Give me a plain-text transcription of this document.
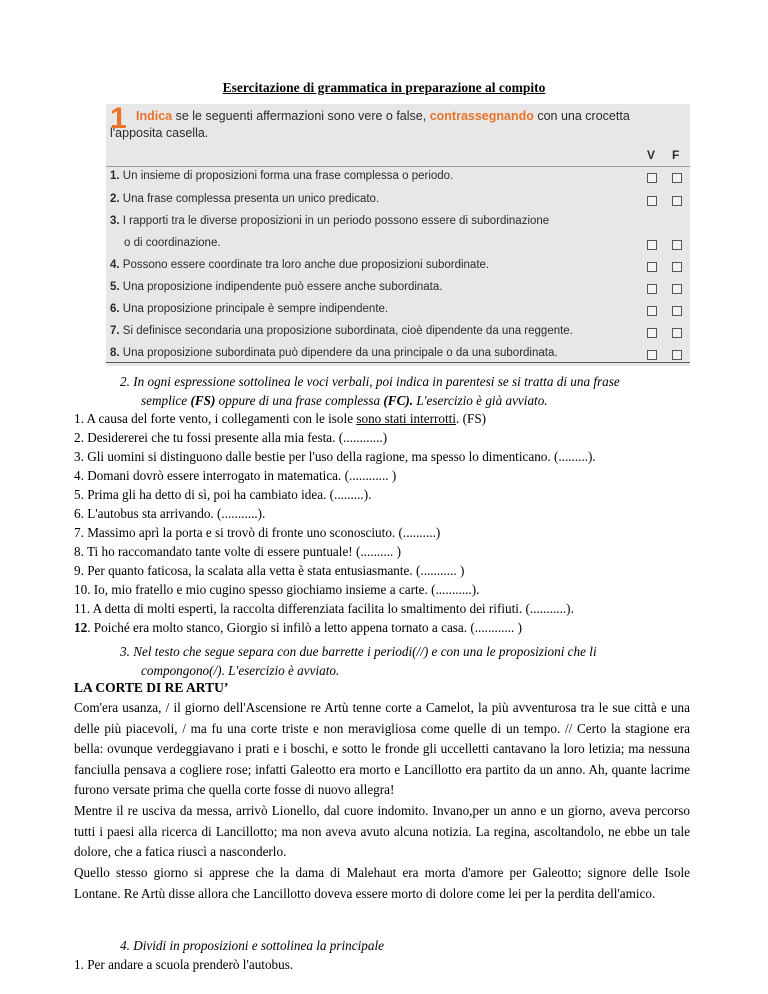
Esercitazione di grammatica in preparazione al compito
1 Indica se le seguenti affermazioni sono vere o false, contrassegnando con una crocetta
l'apposita casella.
V F
1. Un insieme di proposizioni forma una frase complessa o periodo.
2. Una frase complessa presenta un unico predicato.
3. I rapporti tra le diverse proposizioni in un periodo possono essere di subordinazione
o di coordinazione.
4. Possono essere coordinate tra loro anche due proposizioni subordinate.
5. Una proposizione indipendente può essere anche subordinata.
6. Una proposizione principale è sempre indipendente.
7. Si definisce secondaria una proposizione subordinata, cioè dipendente da una reggente.
8. Una proposizione subordinata può dipendere da una principale o da una subordinata.
2. In ogni espressione sottolinea le voci verbali, poi indica in parentesi se si tratta di una frase
semplice (FS) oppure di una frase complessa (FC). L'esercizio è già avviato.
1. A causa del forte vento, i collegamenti con le isole sono stati interrotti. (FS)
2. Desidererei che tu fossi presente alla mia festa. (............)
3. Gli uomini si distinguono dalle bestie per l'uso della ragione, ma spesso lo dimenticano. (.........).
4. Domani dovrò essere interrogato in matematica. (............ )
5. Prima gli ha detto di sì, poi ha cambiato idea. (.........).
6. L'autobus sta arrivando. (...........).
7. Massimo aprì la porta e si trovò di fronte uno sconosciuto. (..........)
8. Ti ho raccomandato tante volte di essere puntuale! (.......... )
9. Per quanto faticosa, la scalata alla vetta è stata entusiasmante. (........... )
10. Io, mio fratello e mio cugino spesso giochiamo insieme a carte. (...........).
11. A detta di molti esperti, la raccolta differenziata facilita lo smaltimento dei rifiuti. (...........).
12. Poiché era molto stanco, Giorgio si infilò a letto appena tornato a casa. (............ )
3. Nel testo che segue separa con due barrette i periodi(//) e con una le proposizioni che li
compongono(/). L'esercizio è avviato.
LA CORTE DI RE ARTU’
Com'era usanza, / il giorno dell'Ascensione re Artù tenne corte a Camelot, la più avventurosa tra le sue città e una delle più piacevoli, / ma fu una corte triste e non meravigliosa come quelle di un tempo. // Certo la stagione era bella: ovunque verdeggiavano i prati e i boschi, e sotto le fronde gli uccelletti cantavano la loro letizia; ma nessuna fanciulla pensava a cogliere rose; infatti Galeotto era morto e Lancillotto era partito da un anno. Ah, quante lacrime furono versate prima che quella corte fosse di nuovo allegra!
Mentre il re usciva da messa, arrivò Lionello, dal cuore indomito. Invano,per un anno e un giorno, aveva percorso tutti i paesi alla ricerca di Lancillotto; ma non aveva avuto alcuna notizia. La regina, ascoltandolo, ne ebbe un tale dolore, che a fatica riuscì a nasconderlo.
Quello stesso giorno si apprese che la dama di Malehaut era morta d'amore per Galeotto; signore delle Isole Lontane. Re Artù disse allora che Lancillotto doveva essere morto di dolore come lei per la perdita dell'amico.
4. Dividi in proposizioni e sottolinea la principale
1. Per andare a scuola prenderò l'autobus.
